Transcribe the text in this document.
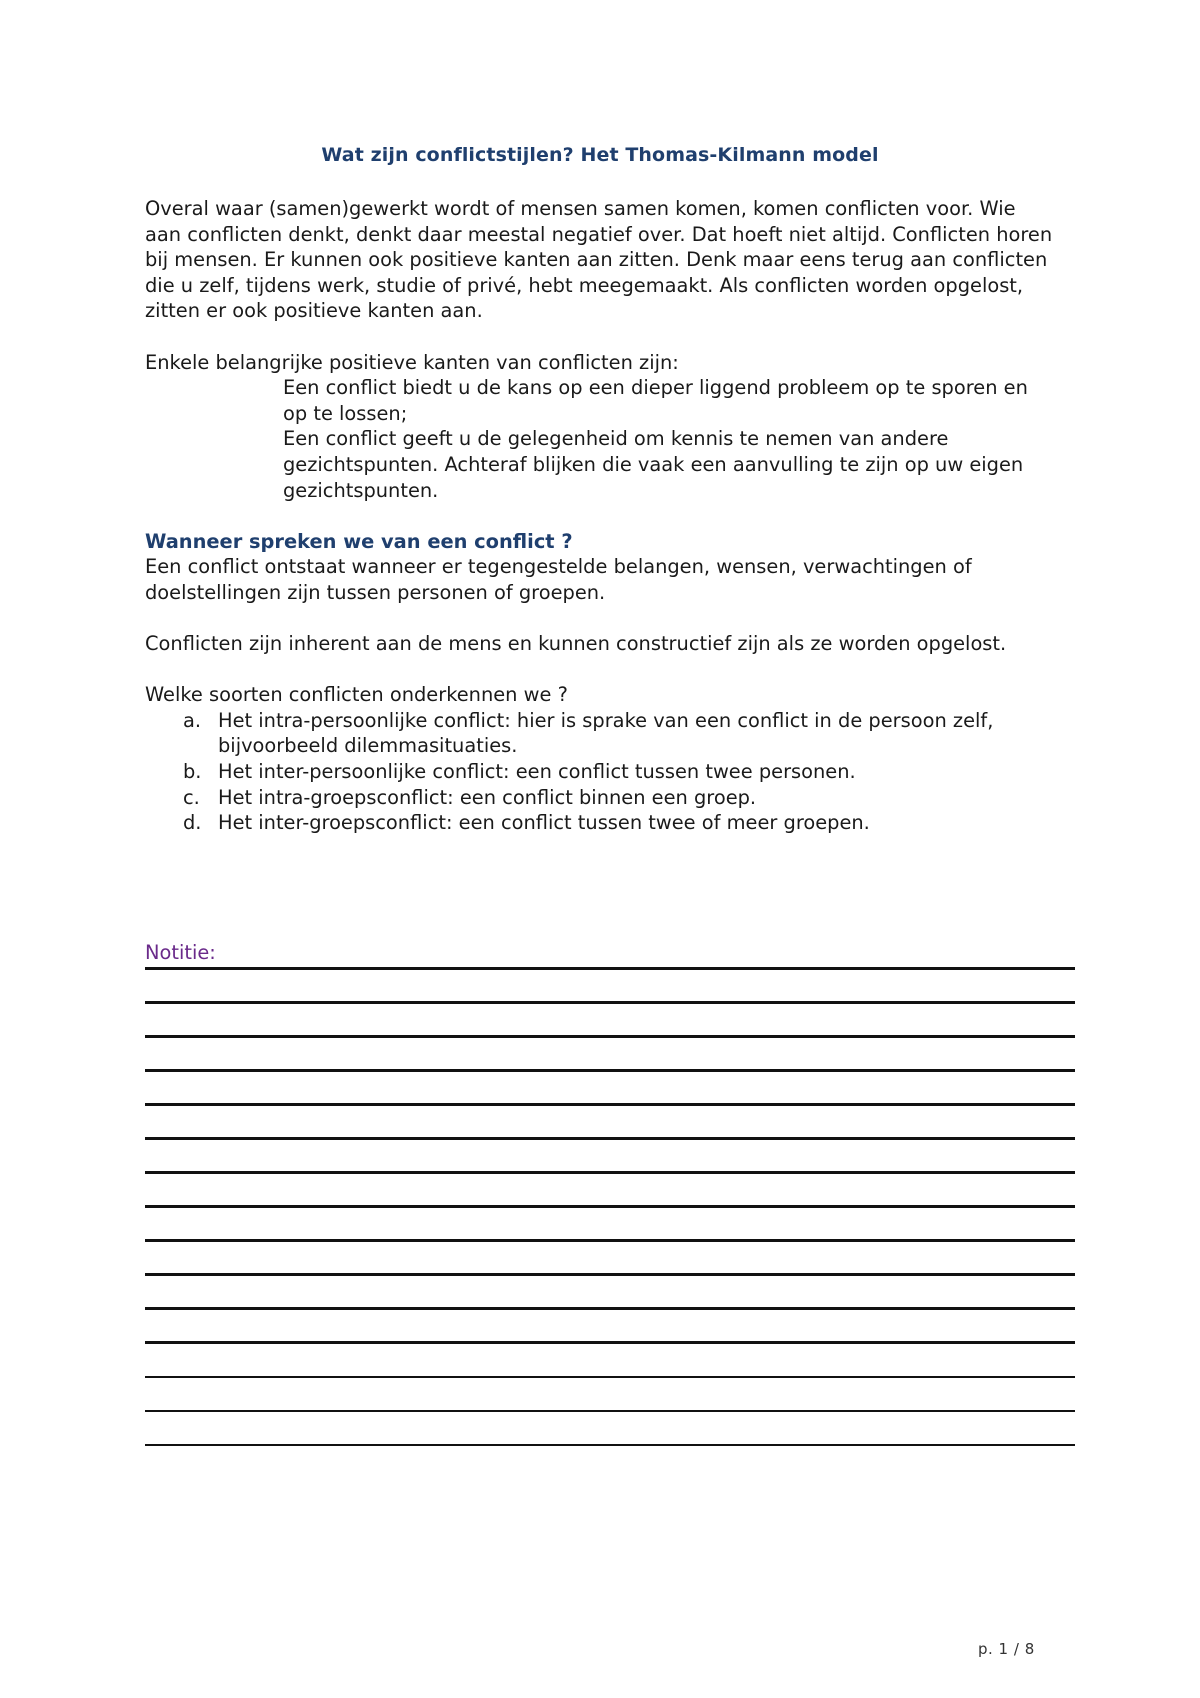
Wat zijn conflictstijlen? Het Thomas-Kilmann model

Overal waar (samen)gewerkt wordt of mensen samen komen, komen conflicten voor. Wie

aan conflicten denkt, denkt daar meestal negatief over. Dat hoeft niet altijd. Conflicten horen

bij mensen. Er kunnen ook positieve kanten aan zitten. Denk maar eens terug aan conflicten

die u zelf, tijdens werk, studie of privé, hebt meegemaakt. Als conflicten worden opgelost,

zitten er ook positieve kanten aan.

Enkele belangrijke positieve kanten van conflicten zijn:

Een conflict biedt u de kans op een dieper liggend probleem op te sporen en

op te lossen;

Een conflict geeft u de gelegenheid om kennis te nemen van andere

gezichtspunten. Achteraf blijken die vaak een aanvulling te zijn op uw eigen

gezichtspunten.

Wanneer spreken we van een conflict ?

Een conflict ontstaat wanneer er tegengestelde belangen, wensen, verwachtingen of

doelstellingen zijn tussen personen of groepen.

Conflicten zijn inherent aan de mens en kunnen constructief zijn als ze worden opgelost.

Welke soorten conflicten onderkennen we ?

a. Het intra-persoonlijke conflict: hier is sprake van een conflict in de persoon zelf,

bijvoorbeeld dilemmasituaties.

b. Het inter-persoonlijke conflict: een conflict tussen twee personen.

c. Het intra-groepsconflict: een conflict binnen een groep.

d. Het inter-groepsconflict: een conflict tussen twee of meer groepen.

Notitie:
p. 1 / 8
